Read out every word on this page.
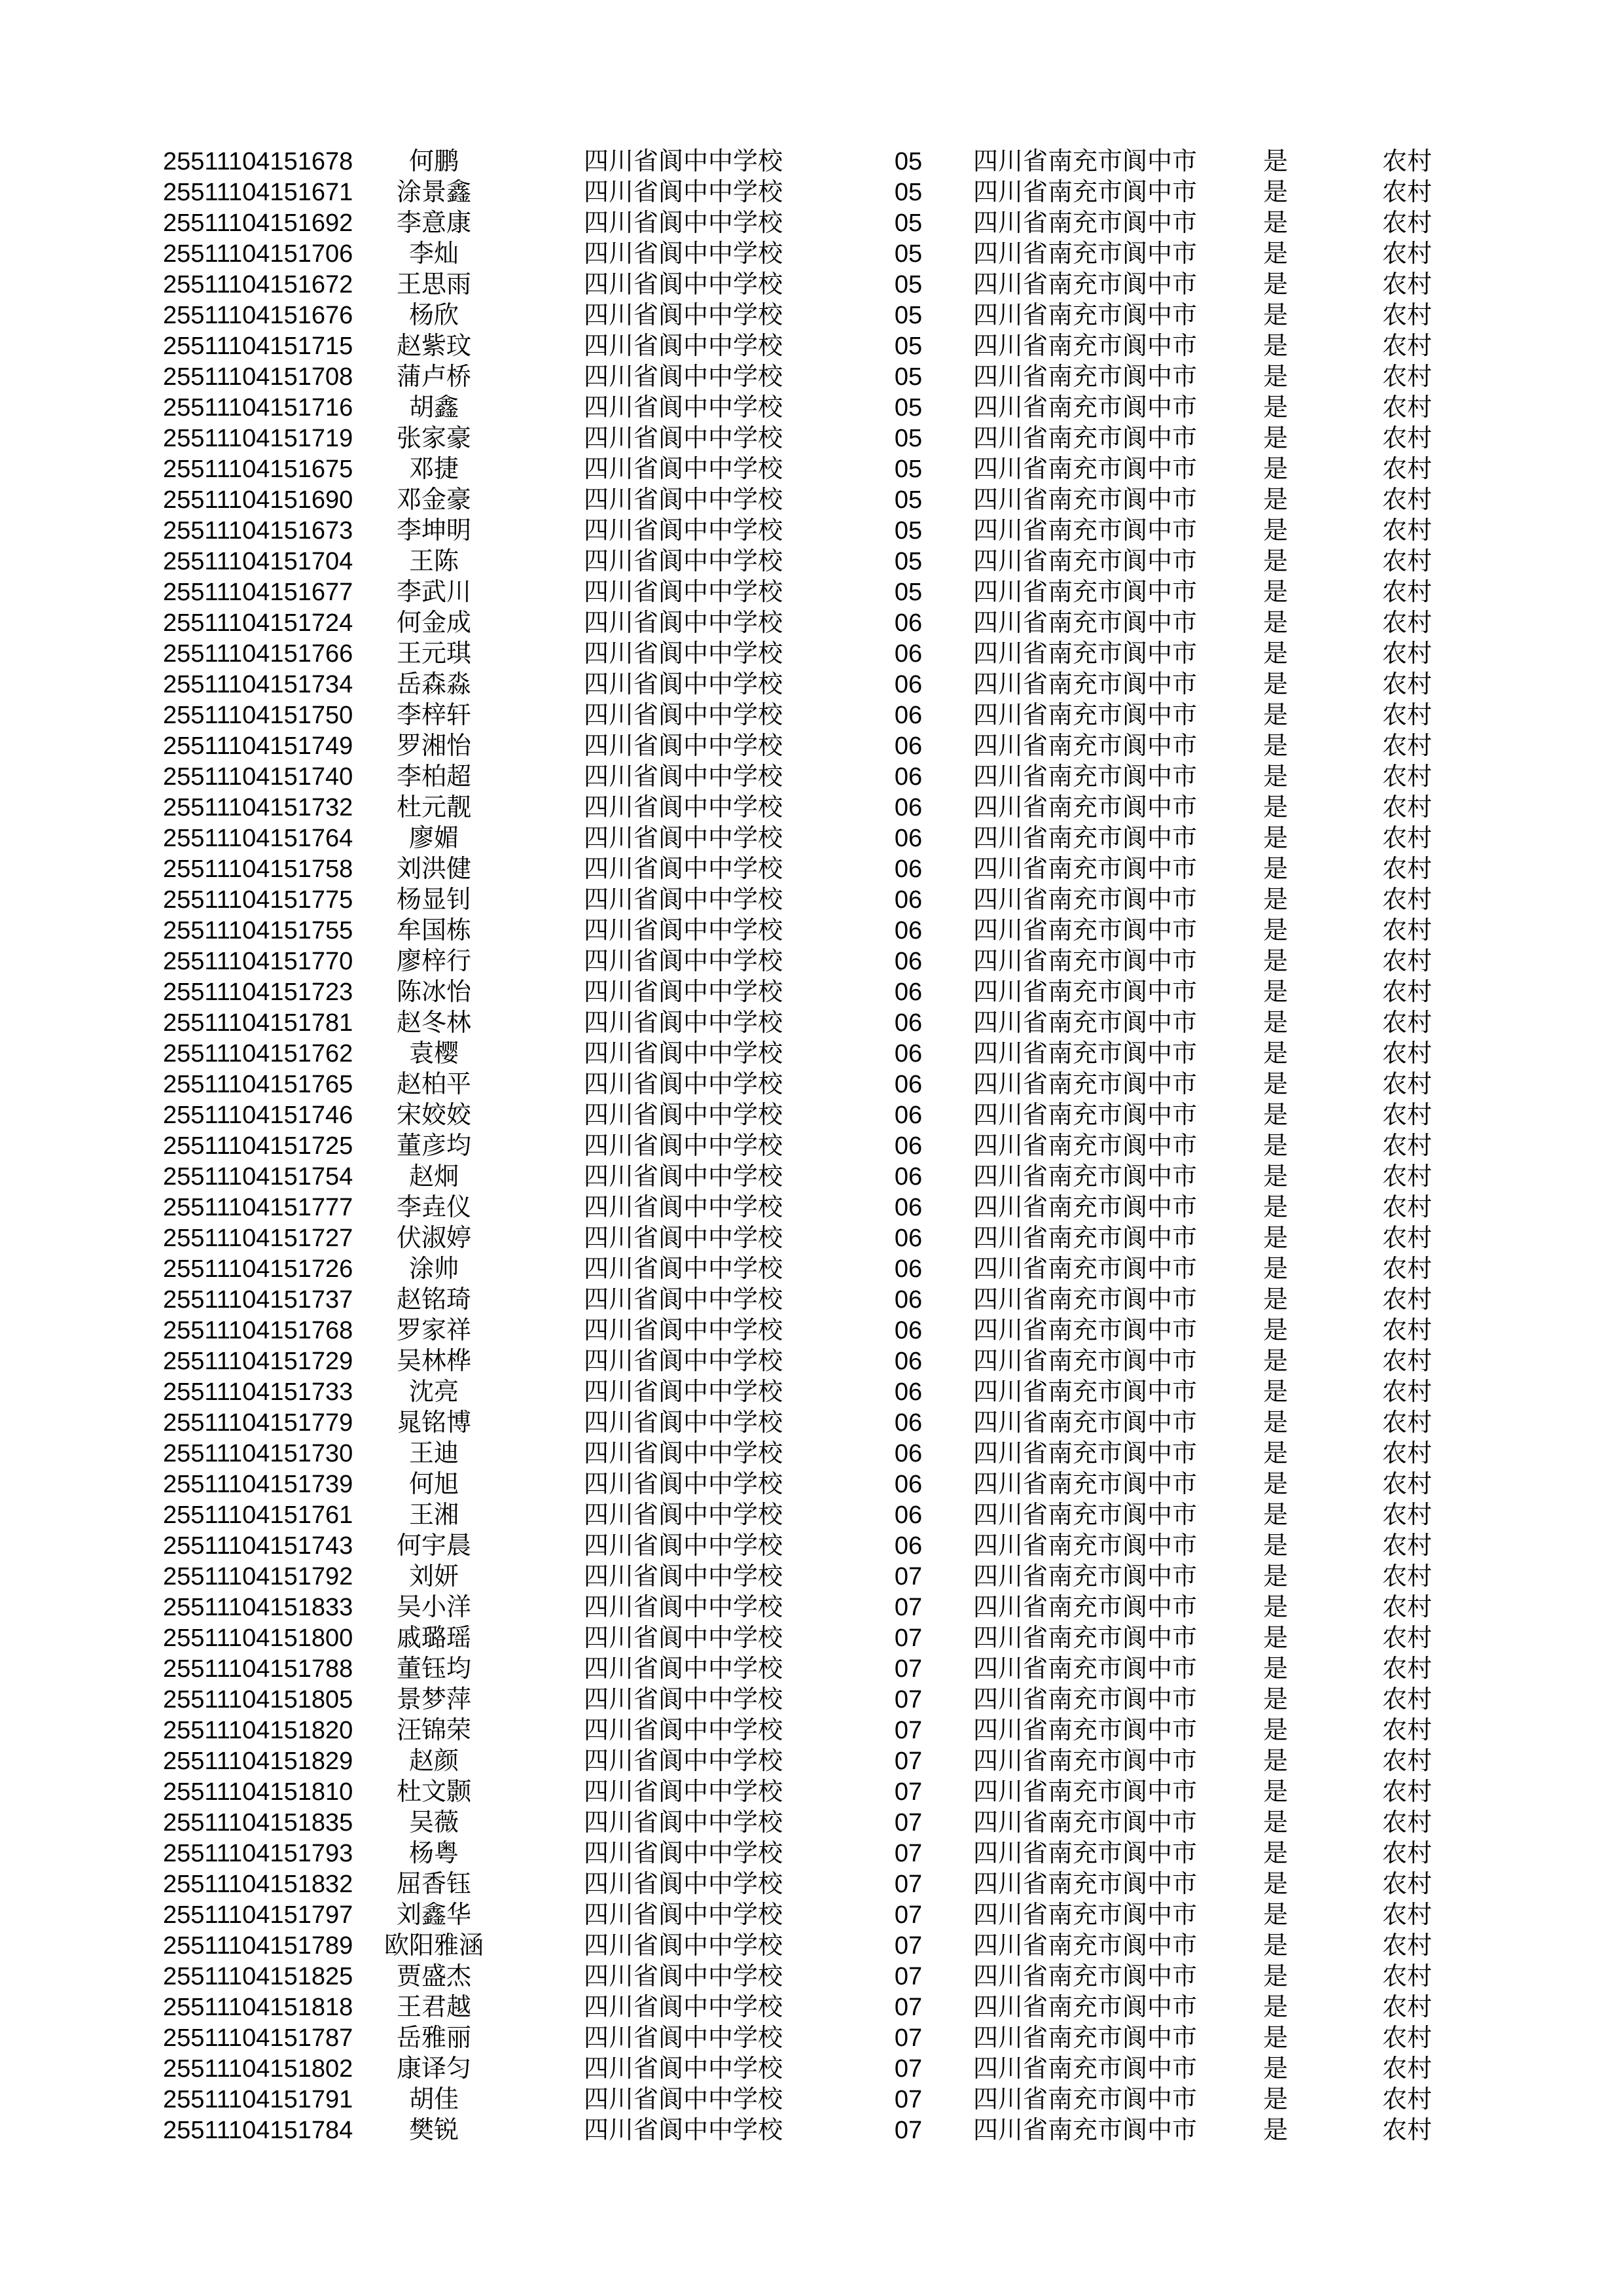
25511104151678	何鹏	四川省阆中中学校	05	四川省南充市阆中市	是	农村
25511104151671	涂景鑫	四川省阆中中学校	05	四川省南充市阆中市	是	农村
25511104151692	李意康	四川省阆中中学校	05	四川省南充市阆中市	是	农村
25511104151706	李灿	四川省阆中中学校	05	四川省南充市阆中市	是	农村
25511104151672	王思雨	四川省阆中中学校	05	四川省南充市阆中市	是	农村
25511104151676	杨欣	四川省阆中中学校	05	四川省南充市阆中市	是	农村
25511104151715	赵紫玟	四川省阆中中学校	05	四川省南充市阆中市	是	农村
25511104151708	蒲卢桥	四川省阆中中学校	05	四川省南充市阆中市	是	农村
25511104151716	胡鑫	四川省阆中中学校	05	四川省南充市阆中市	是	农村
25511104151719	张家豪	四川省阆中中学校	05	四川省南充市阆中市	是	农村
25511104151675	邓捷	四川省阆中中学校	05	四川省南充市阆中市	是	农村
25511104151690	邓金豪	四川省阆中中学校	05	四川省南充市阆中市	是	农村
25511104151673	李坤明	四川省阆中中学校	05	四川省南充市阆中市	是	农村
25511104151704	王陈	四川省阆中中学校	05	四川省南充市阆中市	是	农村
25511104151677	李武川	四川省阆中中学校	05	四川省南充市阆中市	是	农村
25511104151724	何金成	四川省阆中中学校	06	四川省南充市阆中市	是	农村
25511104151766	王元琪	四川省阆中中学校	06	四川省南充市阆中市	是	农村
25511104151734	岳森淼	四川省阆中中学校	06	四川省南充市阆中市	是	农村
25511104151750	李梓轩	四川省阆中中学校	06	四川省南充市阆中市	是	农村
25511104151749	罗湘怡	四川省阆中中学校	06	四川省南充市阆中市	是	农村
25511104151740	李柏超	四川省阆中中学校	06	四川省南充市阆中市	是	农村
25511104151732	杜元靓	四川省阆中中学校	06	四川省南充市阆中市	是	农村
25511104151764	廖媚	四川省阆中中学校	06	四川省南充市阆中市	是	农村
25511104151758	刘洪健	四川省阆中中学校	06	四川省南充市阆中市	是	农村
25511104151775	杨显钊	四川省阆中中学校	06	四川省南充市阆中市	是	农村
25511104151755	牟国栋	四川省阆中中学校	06	四川省南充市阆中市	是	农村
25511104151770	廖梓行	四川省阆中中学校	06	四川省南充市阆中市	是	农村
25511104151723	陈冰怡	四川省阆中中学校	06	四川省南充市阆中市	是	农村
25511104151781	赵冬林	四川省阆中中学校	06	四川省南充市阆中市	是	农村
25511104151762	袁樱	四川省阆中中学校	06	四川省南充市阆中市	是	农村
25511104151765	赵柏平	四川省阆中中学校	06	四川省南充市阆中市	是	农村
25511104151746	宋姣姣	四川省阆中中学校	06	四川省南充市阆中市	是	农村
25511104151725	董彦均	四川省阆中中学校	06	四川省南充市阆中市	是	农村
25511104151754	赵炯	四川省阆中中学校	06	四川省南充市阆中市	是	农村
25511104151777	李垚仪	四川省阆中中学校	06	四川省南充市阆中市	是	农村
25511104151727	伏淑婷	四川省阆中中学校	06	四川省南充市阆中市	是	农村
25511104151726	涂帅	四川省阆中中学校	06	四川省南充市阆中市	是	农村
25511104151737	赵铭琦	四川省阆中中学校	06	四川省南充市阆中市	是	农村
25511104151768	罗家祥	四川省阆中中学校	06	四川省南充市阆中市	是	农村
25511104151729	吴林桦	四川省阆中中学校	06	四川省南充市阆中市	是	农村
25511104151733	沈亮	四川省阆中中学校	06	四川省南充市阆中市	是	农村
25511104151779	晁铭博	四川省阆中中学校	06	四川省南充市阆中市	是	农村
25511104151730	王迪	四川省阆中中学校	06	四川省南充市阆中市	是	农村
25511104151739	何旭	四川省阆中中学校	06	四川省南充市阆中市	是	农村
25511104151761	王湘	四川省阆中中学校	06	四川省南充市阆中市	是	农村
25511104151743	何宇晨	四川省阆中中学校	06	四川省南充市阆中市	是	农村
25511104151792	刘妍	四川省阆中中学校	07	四川省南充市阆中市	是	农村
25511104151833	吴小洋	四川省阆中中学校	07	四川省南充市阆中市	是	农村
25511104151800	戚璐瑶	四川省阆中中学校	07	四川省南充市阆中市	是	农村
25511104151788	董钰均	四川省阆中中学校	07	四川省南充市阆中市	是	农村
25511104151805	景梦萍	四川省阆中中学校	07	四川省南充市阆中市	是	农村
25511104151820	汪锦荣	四川省阆中中学校	07	四川省南充市阆中市	是	农村
25511104151829	赵颜	四川省阆中中学校	07	四川省南充市阆中市	是	农村
25511104151810	杜文颢	四川省阆中中学校	07	四川省南充市阆中市	是	农村
25511104151835	吴薇	四川省阆中中学校	07	四川省南充市阆中市	是	农村
25511104151793	杨粤	四川省阆中中学校	07	四川省南充市阆中市	是	农村
25511104151832	屈香钰	四川省阆中中学校	07	四川省南充市阆中市	是	农村
25511104151797	刘鑫华	四川省阆中中学校	07	四川省南充市阆中市	是	农村
25511104151789	欧阳雅涵	四川省阆中中学校	07	四川省南充市阆中市	是	农村
25511104151825	贾盛杰	四川省阆中中学校	07	四川省南充市阆中市	是	农村
25511104151818	王君越	四川省阆中中学校	07	四川省南充市阆中市	是	农村
25511104151787	岳雅丽	四川省阆中中学校	07	四川省南充市阆中市	是	农村
25511104151802	康译匀	四川省阆中中学校	07	四川省南充市阆中市	是	农村
25511104151791	胡佳	四川省阆中中学校	07	四川省南充市阆中市	是	农村
25511104151784	樊锐	四川省阆中中学校	07	四川省南充市阆中市	是	农村
